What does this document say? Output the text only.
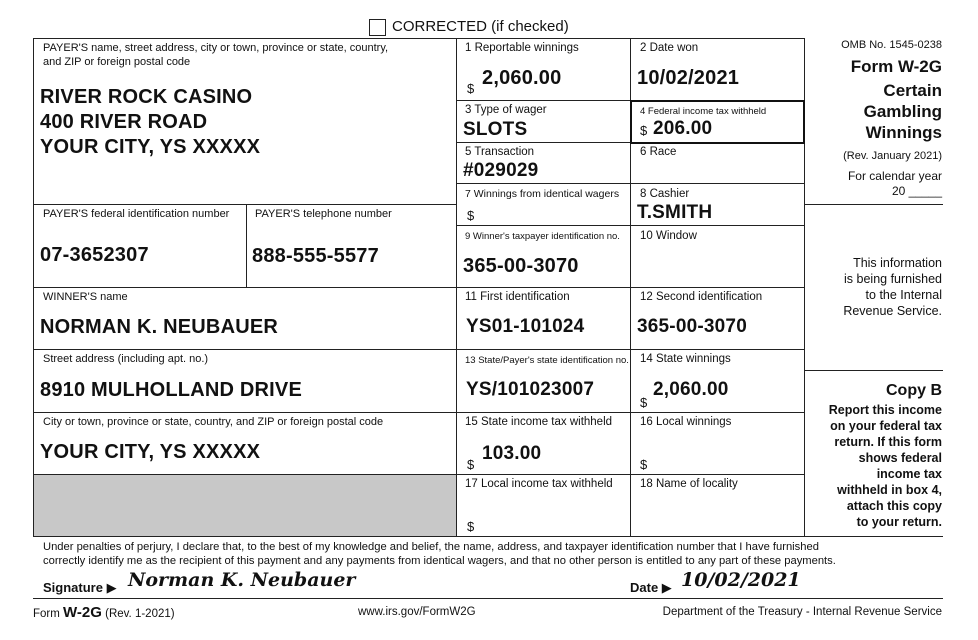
CORRECTED (if checked)
PAYER'S name, street address, city or town, province or state, country,
and ZIP or foreign postal code
RIVER ROCK CASINO
400 RIVER ROAD
YOUR CITY, YS XXXXX
PAYER'S federal identification number
07-3652307
PAYER'S telephone number
888-555-5577
WINNER'S name
NORMAN K. NEUBAUER
Street address (including apt. no.)
8910 MULHOLLAND DRIVE
City or town, province or state, country, and ZIP or foreign postal code
YOUR CITY, YS XXXXX
1 Reportable winnings
$ 2,060.00
2 Date won
10/02/2021
3 Type of wager
SLOTS
4 Federal income tax withheld
$ 206.00
5 Transaction
#029029
6 Race
7 Winnings from identical wagers
$
8 Cashier
T.SMITH
9 Winner's taxpayer identification no.
365-00-3070
10 Window
11 First identification
YS01-101024
12 Second identification
365-00-3070
13 State/Payer's state identification no.
YS/101023007
14 State winnings
$
2,060.00
15 State income tax withheld
$
103.00
16 Local winnings
$
17 Local income tax withheld
$
18 Name of locality
OMB No. 1545-0238
Form W-2G
Certain
Gambling
Winnings
(Rev. January 2021)
For calendar year
20 _____
This information
is being furnished
to the Internal
Revenue Service.
Copy B
Report this income
on your federal tax
return. If this form
shows federal
income tax
withheld in box 4,
attach this copy
to your return.
Under penalties of perjury, I declare that, to the best of my knowledge and belief, the name, address, and taxpayer identification number that I have furnished
correctly identify me as the recipient of this payment and any payments from identical wagers, and that no other person is entitled to any part of these payments.
Signature ▶ Norman K. Neubauer	Date ▶ 10/02/2021
Form W-2G (Rev. 1-2021)	www.irs.gov/FormW2G	Department of the Treasury - Internal Revenue Service
